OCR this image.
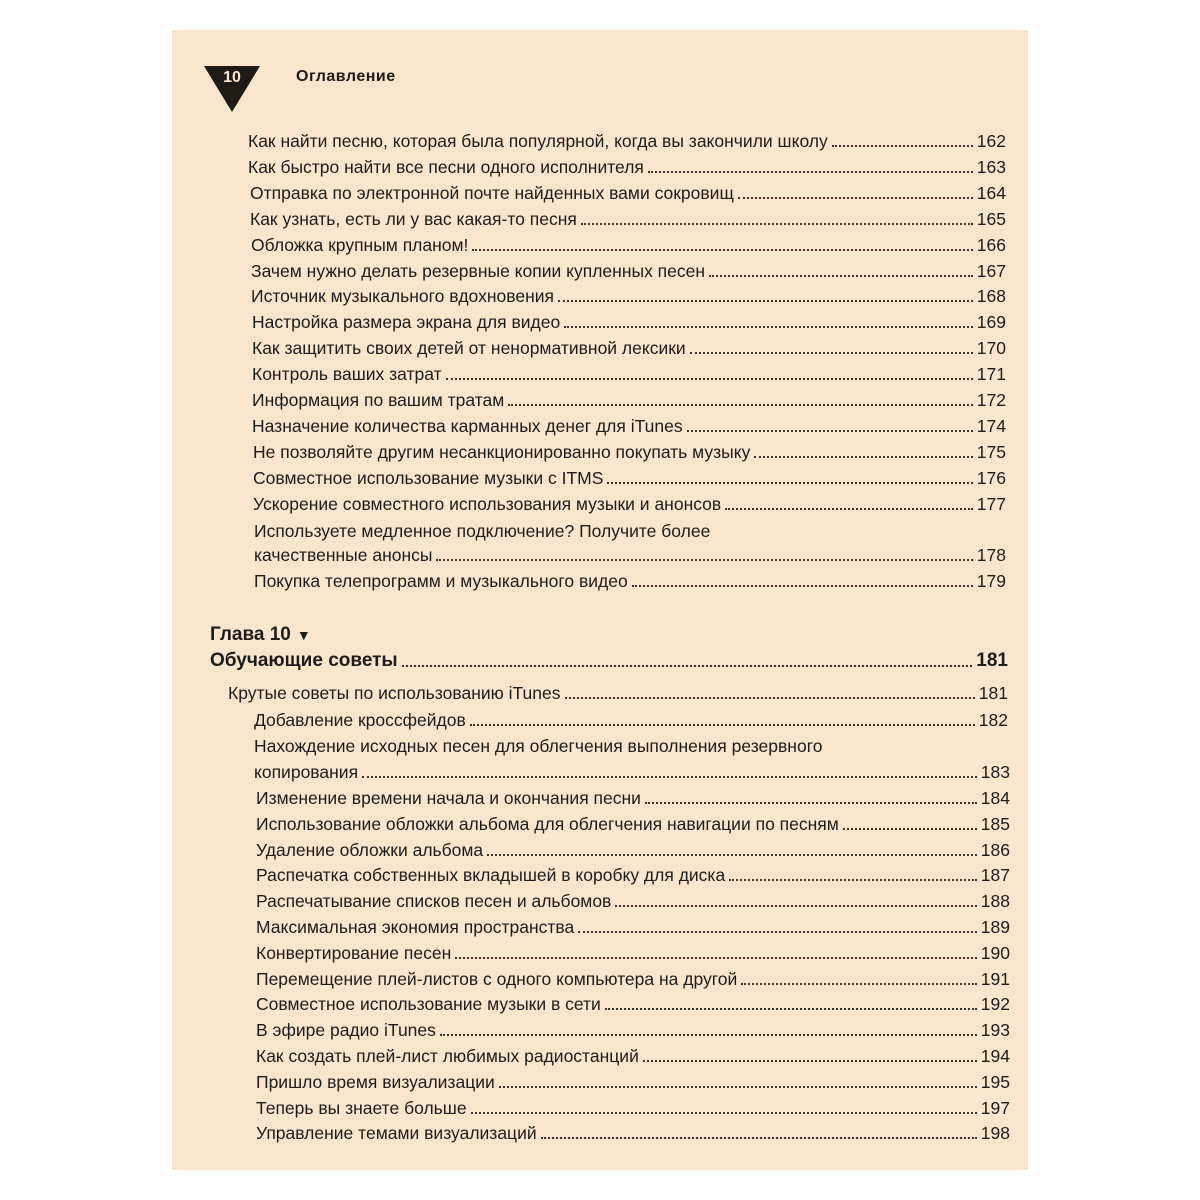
10	Оглавление
Используете медленное подключение? Получите более
качественные анонсы	178
Покупка телепрограмм и музыкального видео	179
Глава 10 ▼
Обучающие советы	181
Крутые советы по использованию iTunes	181
Добавление кроссфейдов	182
Нахождение исходных песен для облегчения выполнения резервного
копирования	183
Как найти песню, которая была популярной, когда вы закончили школу	162
Как быстро найти все песни одного исполнителя	163
Отправка по электронной почте найденных вами сокровищ	164
Как узнать, есть ли у вас какая-то песня	165
Обложка крупным планом!	166
Зачем нужно делать резервные копии купленных песен	167
Источник музыкального вдохновения	168
Настройка размера экрана для видео	169
Как защитить своих детей от ненормативной лексики	170
Контроль ваших затрат	171
Информация по вашим тратам	172
Назначение количества карманных денег для iTunes	174
Не позволяйте другим несанкционированно покупать музыку	175
Совместное использование музыки с ITMS	176
Ускорение совместного использования музыки и анонсов	177
Изменение времени начала и окончания песни	184
Использование обложки альбома для облегчения навигации по песням	185
Удаление обложки альбома	186
Распечатка собственных вкладышей в коробку для диска	187
Распечатывание списков песен и альбомов	188
Максимальная экономия пространства	189
Конвертирование песен	190
Перемещение плей-листов с одного компьютера на другой	191
Совместное использование музыки в сети	192
В эфире радио iTunes	193
Как создать плей-лист любимых радиостанций	194
Пришло время визуализации	195
Теперь вы знаете больше	197
Управление темами визуализаций	198
